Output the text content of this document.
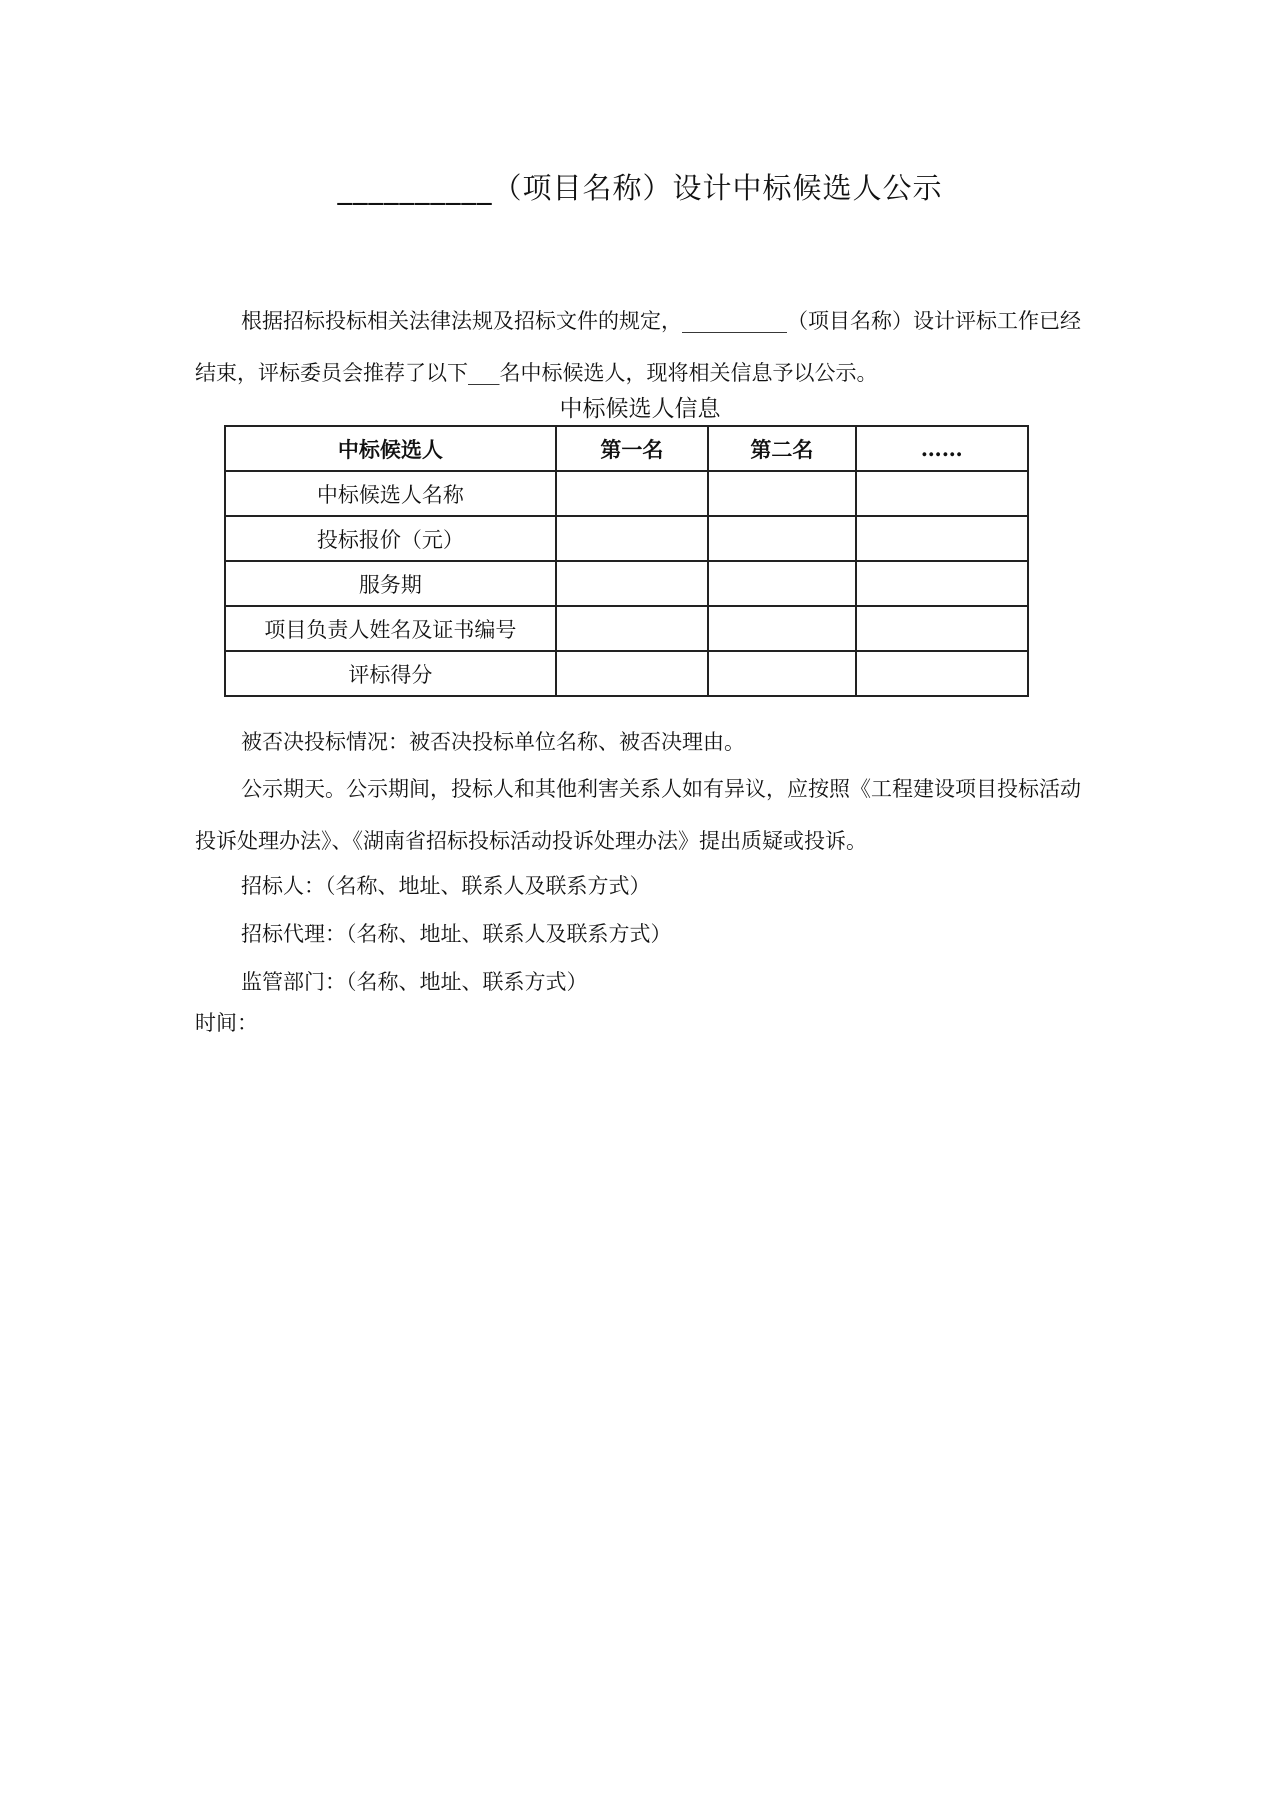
__________（项目名称）设计中标候选人公示

根据招标投标相关法律法规及招标文件的规定，__________（项目名称）设计评标工作已经结束，评标委员会推荐了以下___名中标候选人，现将相关信息予以公示。

中标候选人信息

中标候选人	第一名	第二名	……
中标候选人名称			
投标报价（元）			
服务期			
项目负责人姓名及证书编号			
评标得分			

被否决投标情况：被否决投标单位名称、被否决理由。

公示期天。公示期间，投标人和其他利害关系人如有异议，应按照《工程建设项目投标活动投诉处理办法》、《湖南省招标投标活动投诉处理办法》提出质疑或投诉。

招标人：（名称、地址、联系人及联系方式）

招标代理：（名称、地址、联系人及联系方式）

监管部门：（名称、地址、联系方式）

时间：
